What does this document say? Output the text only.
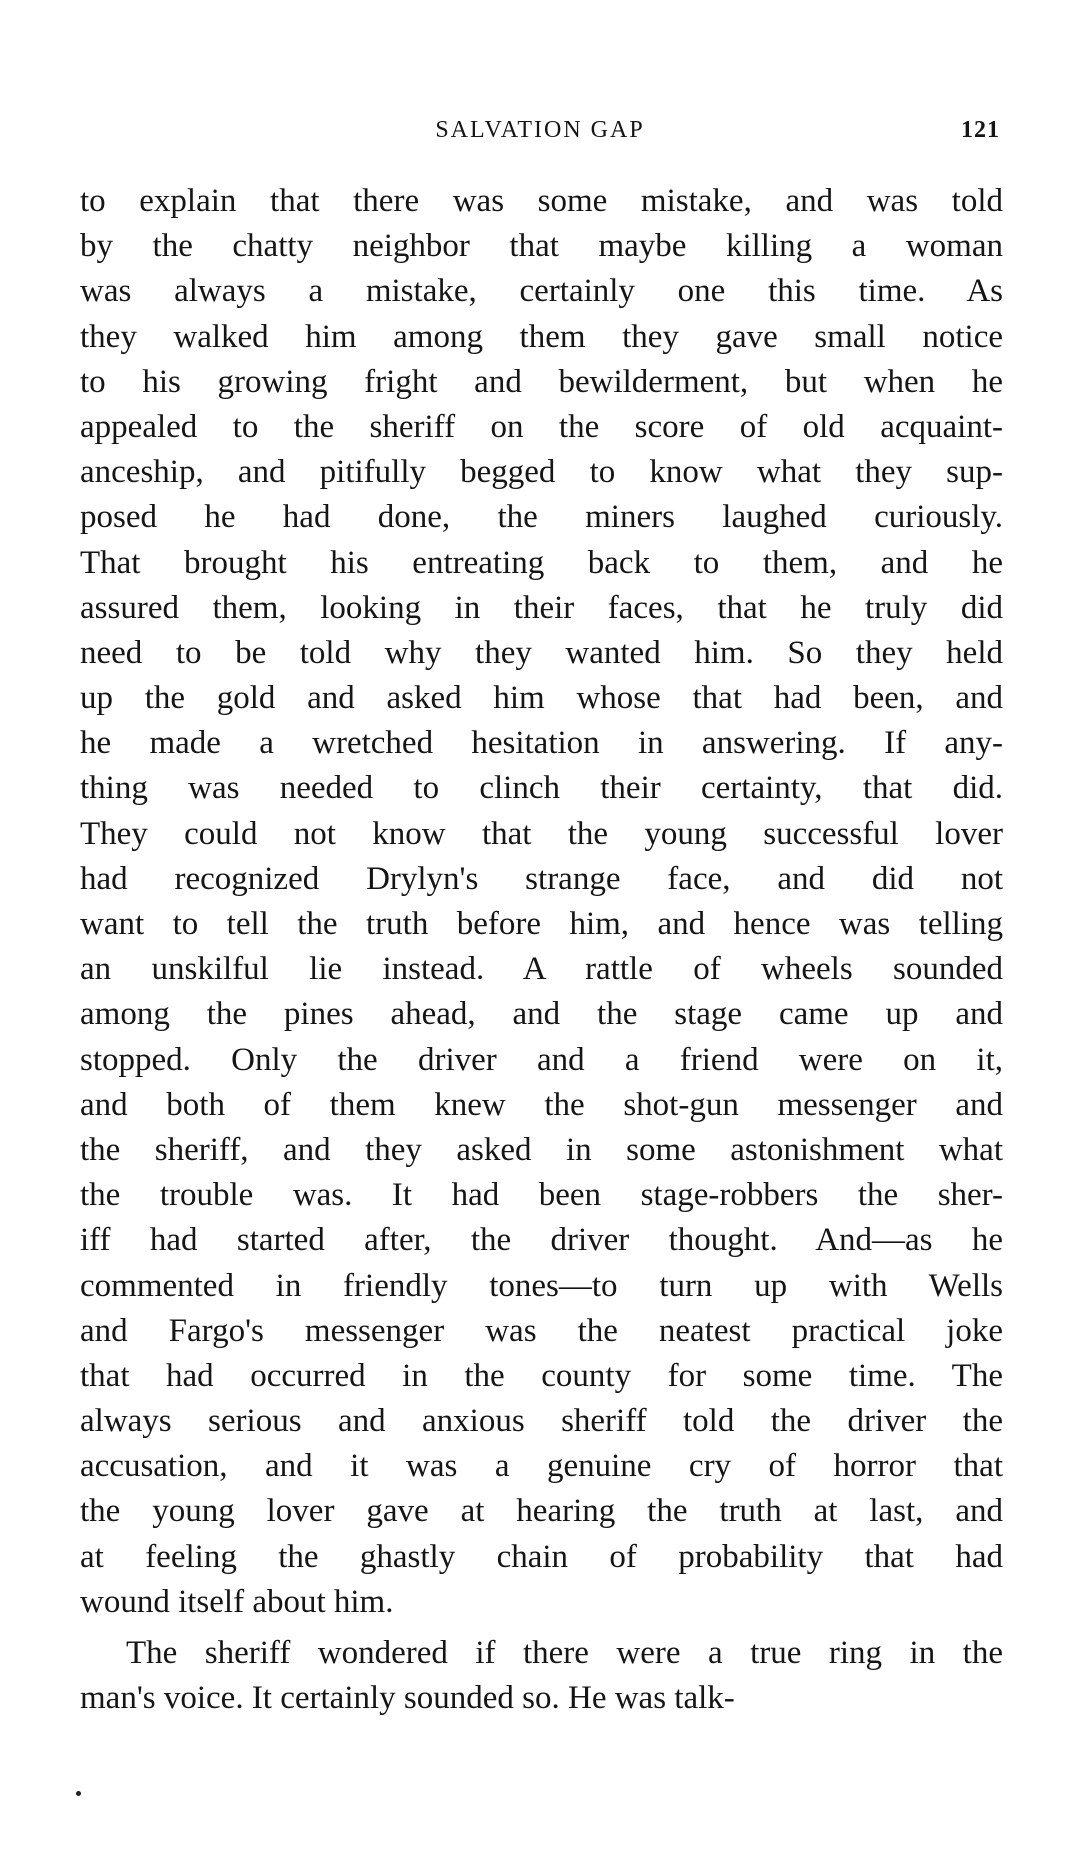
SALVATION GAP	121
to explain that there was some mistake, and was told
by the chatty neighbor that maybe killing a woman
was always a mistake, certainly one this time. As
they walked him among them they gave small notice
to his growing fright and bewilderment, but when he
appealed to the sheriff on the score of old acquaint-
anceship, and pitifully begged to know what they sup-
posed he had done, the miners laughed curiously.
That brought his entreating back to them, and he
assured them, looking in their faces, that he truly did
need to be told why they wanted him. So they held
up the gold and asked him whose that had been, and
he made a wretched hesitation in answering. If any-
thing was needed to clinch their certainty, that did.
They could not know that the young successful lover
had recognized Drylyn's strange face, and did not
want to tell the truth before him, and hence was telling
an unskilful lie instead. A rattle of wheels sounded
among the pines ahead, and the stage came up and
stopped. Only the driver and a friend were on it,
and both of them knew the shot-gun messenger and
the sheriff, and they asked in some astonishment what
the trouble was. It had been stage-robbers the sher-
iff had started after, the driver thought. And—as he
commented in friendly tones—to turn up with Wells
and Fargo's messenger was the neatest practical joke
that had occurred in the county for some time. The
always serious and anxious sheriff told the driver the
accusation, and it was a genuine cry of horror that
the young lover gave at hearing the truth at last, and
at feeling the ghastly chain of probability that had
wound itself about him.
The sheriff wondered if there were a true ring in the
man's voice. It certainly sounded so. He was talk-
